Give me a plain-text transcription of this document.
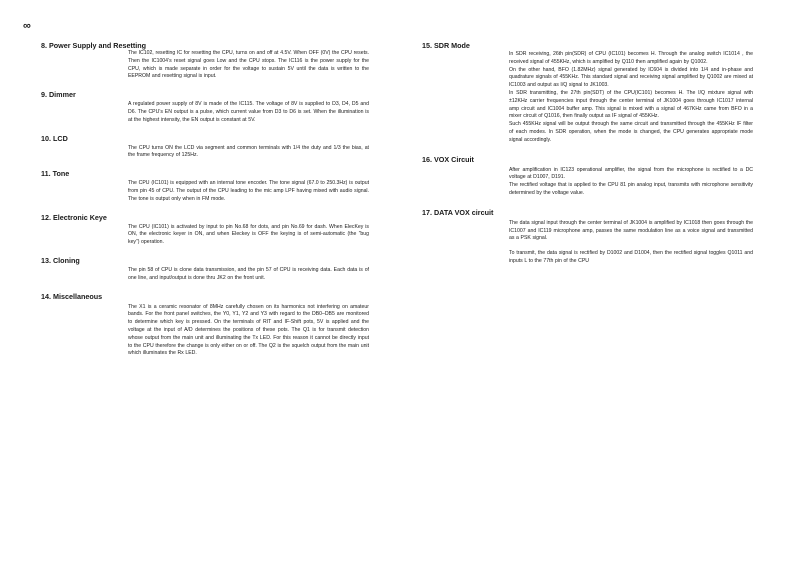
∞
8. Power Supply and Resetting

The IC102, resetting IC for resetting the CPU, turns on and off at 4.5V. When OFF (0V) the CPU resets. Then the IC1004’s reset signal goes Low and the CPU stops. The IC116 is the power supply for the CPU, which is made separate in order for the voltage to sustain 5V until the data is written to the EEPROM and resetting signal is input.

9. Dimmer

A regulated power supply of 8V is made of the IC115. The voltage of 8V is supplied to D3, D4, D5 and D6. The CPU’s EN output is a pulse, which current value from D3 to D6 is set. When the illumination is at the highest intensity, the EN output is constant at 5V.

10. LCD

The CPU turns ON the LCD via segment and common terminals with 1/4 the duty and 1/3 the bias, at the frame frequency of 125Hz.

11. Tone

The CPU (IC101) is equipped with an internal tone encoder. The tone signal (67.0 to 250.3Hz) is output from pin 45 of CPU. The output of the CPU leading to the mic amp LPF having mixed with audio signal. The tone is output only when in FM mode.

12. Electronic Keye

The CPU (IC101) is activated by input to pin No.68 for dots, and pin No.69 for dash. When ElecKey is ON, the electronic keyer in ON, and when Eleckey is OFF the keying is of semi-automatic (the “bug key”) operation.

13. Cloning

The pin 58 of CPU is clone data transmission, and the pin 57 of CPU is receiving data. Each data is of one line, and input/output is done thru JK2 on the front unit.

14. Miscellaneous

The X1 is a ceramic resonator of 8MHz carefully chosen on its harmonics not interfering on amateur bands. For the front panel switches, the Y0, Y1, Y2 and Y3 with regard to the DB0–DB5 are monitored to determine which key is pressed. On the terminals of RIT and IF-Shift pots, 5V is applied and the voltage at the input of A/D determines the positions of these pots. The Q1 is for transmit detection whose output from the main unit and illuminating the Tx LED. For this reason it cannot be directly input to the CPU therefore the change is only either on or off. The Q2 is the squelch output from the main unit which illuminates the Rx LED.

15. SDR Mode

In SDR receiving, 26th pin(SDR) of CPU (IC101) becomes H. Through the analog switch IC1014 , the received signal of 455KHz, which is amplified by Q110 then amplified again by Q1002.

On the other hand, BFO (1.82MHz) signal generated by IC604 is divided into 1/4 and in-phase and quadrature signals of 455KHz. This standard signal and receiving signal amplified by Q1002 are mixed at IC1003 and output as I/Q signal to JK1003.

In SDR transmitting, the 27th pin(SDT) of the CPU(IC101) becomes H. The I/Q mixture signal with ±12KHz carrier frequencies input through the center terminal of JK1004 goes through IC1017 internal amp circuit and IC1004 buffer amp. This signal is mixed with a signal of 467KHz came from BFO in a mixer circuit of Q1016, then finally output as IF signal of 455KHz.

Such 455KHz signal will be output through the same circuit and transmitted through the 455KHz IF filter of each modes. In SDR operation, when the mode is changed, the CPU generates appropriate mode signal accordingly.

16. VOX Circuit

After amplification in IC123 operational amplifier, the signal from the microphone is rectified to a DC voltage at D1007, D191.

The rectified voltage that is applied to the CPU 81 pin analog input, transmits with microphone sensitivity determined by the voltage value.

17. DATA VOX circuit

The data signal input through the center terminal of JK1004 is amplified by IC1018 then goes through the IC1007 and IC119 microphone amp, passes the same modulation line as a voice signal and transmitted as a PSK signal.

To transmit, the data signal is rectified by D1002 and D1004, then the rectified signal toggles Q1011 and inputs L to the 77th pin of the CPU
